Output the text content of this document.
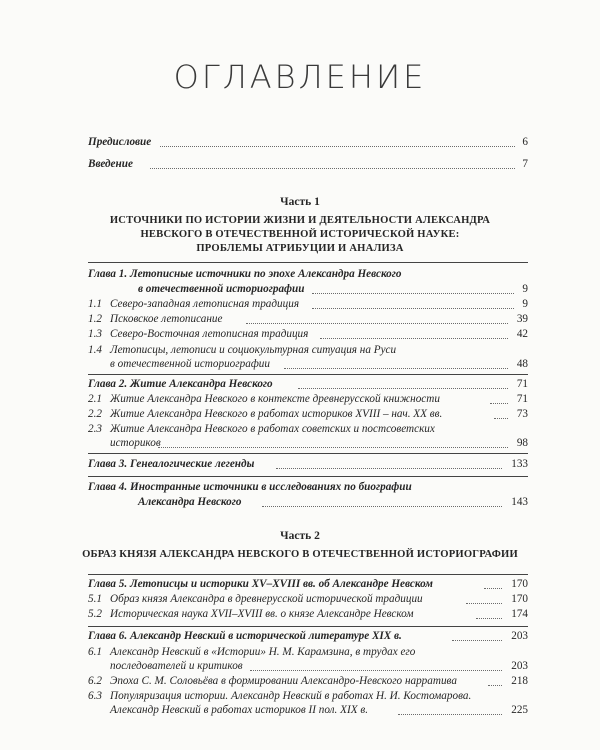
ОГЛАВЛЕНИЕ
Предисловие	6
Введение	7
Часть 1
ИСТОЧНИКИ ПО ИСТОРИИ ЖИЗНИ И ДЕЯТЕЛЬНОСТИ АЛЕКСАНДРА
НЕВСКОГО В ОТЕЧЕСТВЕННОЙ ИСТОРИЧЕСКОЙ НАУКЕ:
ПРОБЛЕМЫ АТРИБУЦИИ И АНАЛИЗА
Глава 1. Летописные источники по эпохе Александра Невского
в отечественной историографии	9
1.1 Северо-западная летописная традиция	9
1.2 Псковское летописание	39
1.3 Северо-Восточная летописная традиция	42
1.4 Летописцы, летописи и социокультурная ситуация на Руси
в отечественной историографии	48
Глава 2. Житие Александра Невского	71
2.1 Житие Александра Невского в контексте древнерусской книжности	71
2.2 Житие Александра Невского в работах историков XVIII – нач. XX вв.	73
2.3 Житие Александра Невского в работах советских и постсоветских
историков	98
Глава 3. Генеалогические легенды	133
Глава 4. Иностранные источники в исследованиях по биографии
Александра Невского	143
Часть 2
ОБРАЗ КНЯЗЯ АЛЕКСАНДРА НЕВСКОГО В ОТЕЧЕСТВЕННОЙ ИСТОРИОГРАФИИ
Глава 5. Летописцы и историки XV–XVIII вв. об Александре Невском	170
5.1 Образ князя Александра в древнерусской исторической традиции	170
5.2 Историческая наука XVII–XVIII вв. о князе Александре Невском	174
Глава 6. Александр Невский в исторической литературе XIX в.	203
6.1 Александр Невский в «Истории» Н. М. Карамзина, в трудах его
последователей и критиков	203
6.2 Эпоха С. М. Соловьёва в формировании Александро-Невского нарратива	218
6.3 Популяризация истории. Александр Невский в работах Н. И. Костомарова.
Александр Невский в работах историков II пол. XIX в.	225
